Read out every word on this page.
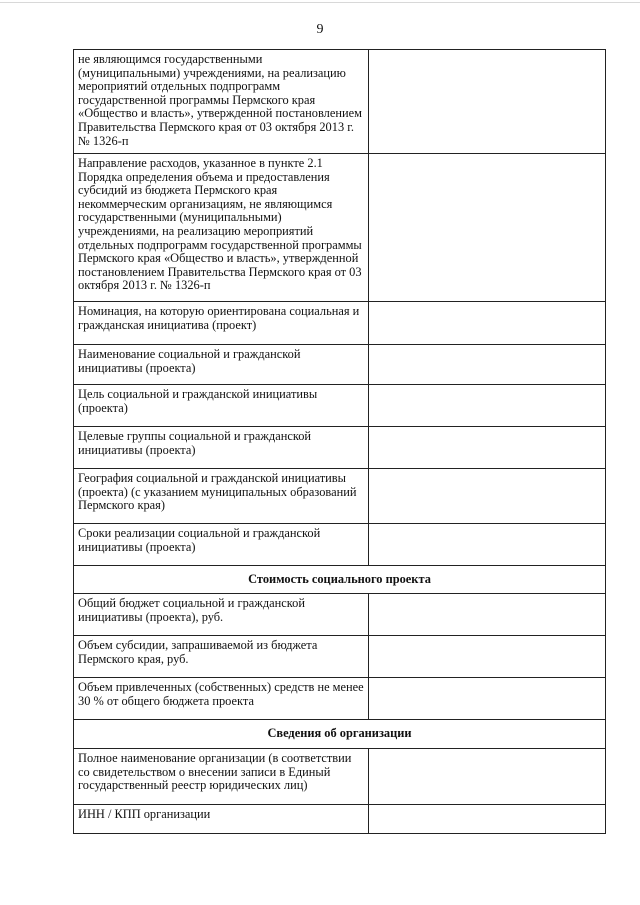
9
не являющимся государственными (муниципальными) учреждениями, на реализацию мероприятий отдельных подпрограмм государственной программы Пермского края «Общество и власть», утвержденной постановлением Правительства Пермского края от 03 октября 2013 г. № 1326-п	
Направление расходов, указанное в пункте 2.1 Порядка определения объема и предоставления субсидий из бюджета Пермского края некоммерческим организациям, не являющимся государственными (муниципальными) учреждениями, на реализацию мероприятий отдельных подпрограмм государственной программы Пермского края «Общество и власть», утвержденной постановлением Правительства Пермского края от 03 октября 2013 г. № 1326-п	
Номинация, на которую ориентирована социальная и гражданская инициатива (проект)	
Наименование социальной и гражданской инициативы (проекта)	
Цель социальной и гражданской инициативы (проекта)	
Целевые группы социальной и гражданской инициативы (проекта)	
География социальной и гражданской инициативы (проекта) (с указанием муниципальных образований Пермского края)	
Сроки реализации социальной и гражданской инициативы (проекта)	
Стоимость социального проекта	
Общий бюджет социальной и гражданской инициативы (проекта), руб.	
Объем субсидии, запрашиваемой из бюджета Пермского края, руб.	
Объем привлеченных (собственных) средств не менее 30 % от общего бюджета проекта	
Сведения об организации	
Полное наименование организации (в соответствии со свидетельством о внесении записи в Единый государственный реестр юридических лиц)	
ИНН / КПП организации	
